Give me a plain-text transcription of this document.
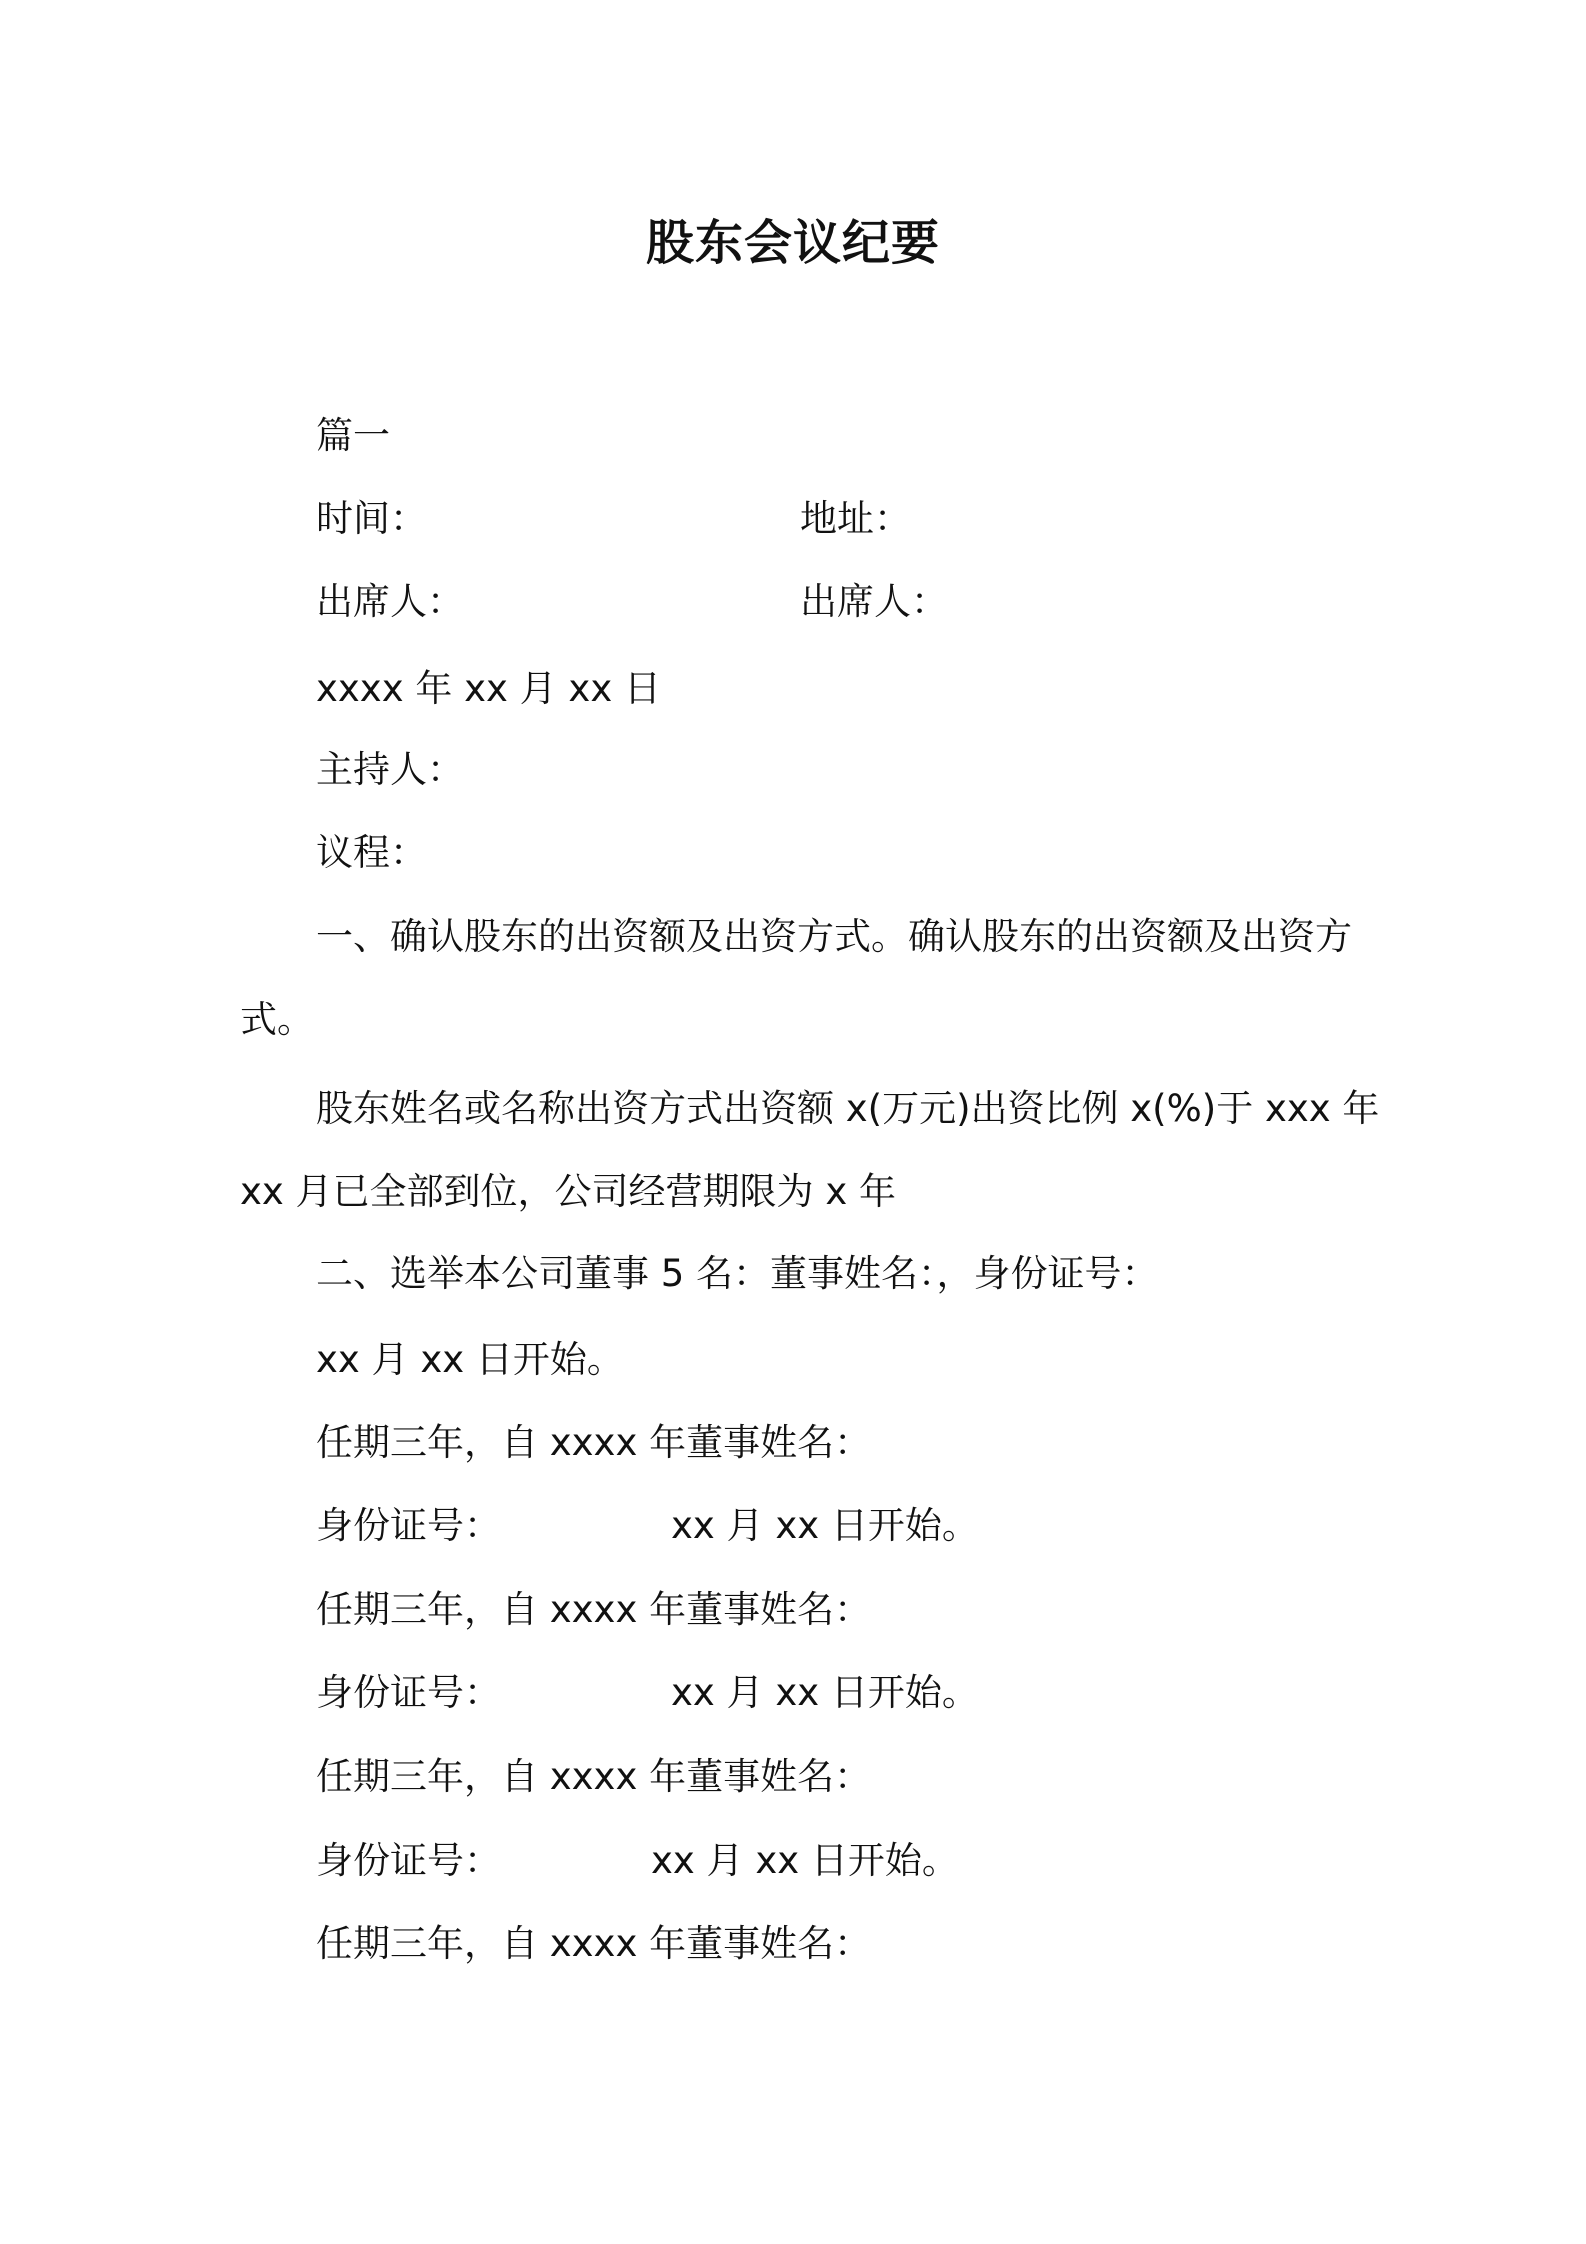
股东会议纪要
篇一
时间：	地址：
出席人：	出席人：
xxxx 年 xx 月 xx 日
主持人：
议程：
一、确认股东的出资额及出资方式。确认股东的出资额及出资方
式。
股东姓名或名称出资方式出资额 x(万元)出资比例 x(%)于 xxx 年
xx 月已全部到位，公司经营期限为 x 年
二、选举本公司董事 5 名：董事姓名：，身份证号：
xx 月 xx 日开始。
任期三年，自 xxxx 年董事姓名：
身份证号：	xx 月 xx 日开始。
任期三年，自 xxxx 年董事姓名：
身份证号：	xx 月 xx 日开始。
任期三年，自 xxxx 年董事姓名：
身份证号：	xx 月 xx 日开始。
任期三年，自 xxxx 年董事姓名：
